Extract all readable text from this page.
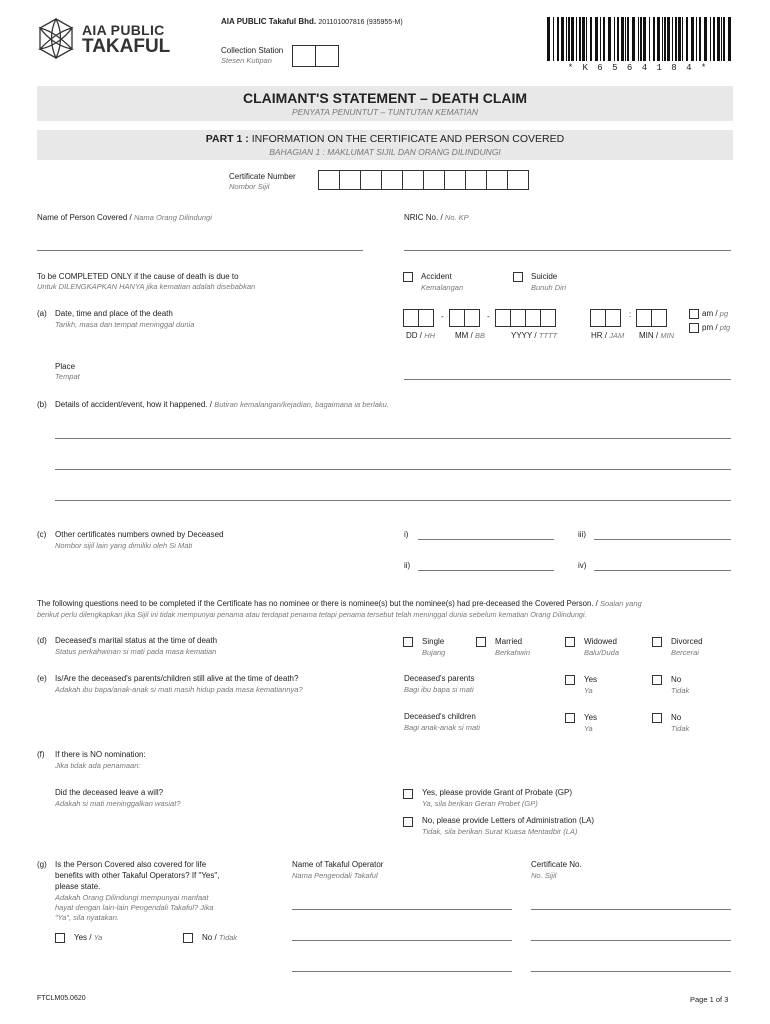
AIA PUBLIC
TAKAFUL
AIA PUBLIC Takaful Bhd. 201101007816 (935955-M)
Collection Station
Stesen Kutipan
* K 6 5 6 4 1 8 4 *
CLAIMANT'S STATEMENT – DEATH CLAIM
PENYATA PENUNTUT – TUNTUTAN KEMATIAN
PART 1 : INFORMATION ON THE CERTIFICATE AND PERSON COVERED
BAHAGIAN 1 : MAKLUMAT SIJIL DAN ORANG DILINDUNGI
Certificate Number
Nombor Sijil
Name of Person Covered / Nama Orang Dilindungi	NRIC No. / No. KP
To be COMPLETED ONLY if the cause of death is due to
Untuk DILENGKAPKAN HANYA jika kematian adalah disebabkan
Accident
Kemalangan
Suicide
Bunuh Diri
(a) Date, time and place of the death
Tarikh, masa dan tempat meninggal dunia
-	-	:	am / pg
pm / ptg
DD / HH MM / BB	YYYY / TTTT	HR / JAM MIN / MIN
Place
Tempat
(b) Details of accident/event, how it happened. / Butiran kemalangan/kejadian, bagaimana ia berlaku.
(c) Other certificates numbers owned by Deceased
Nombor sijil lain yang dimiliki oleh Si Mati
i)	iii)
ii)	iv)
The following questions need to be completed if the Certificate has no nominee or there is nominee(s) but the nominee(s) had pre-deceased the Covered Person. / Soalan yang
berikut perlu dilengkapkan jika Sijil ini tidak mempunyai penama atau terdapat penama tetapi penama tersebut telah meninggal dunia sebelum kematian Orang Dilindungi.
(d) Deceased's marital status at the time of death
Status perkahwinan si mati pada masa kematian
Single
Bujang
Married
Berkahwin
Widowed
Balu/Duda
Divorced
Bercerai
(e) Is/Are the deceased's parents/children still alive at the time of death?
Adakah ibu bapa/anak-anak si mati masih hidup pada masa kematiannya?
Deceased's parents
Bagi ibu bapa si mati
Yes
Ya
No
Tidak
Deceased's children
Bagi anak-anak si mati
Yes
Ya
No
Tidak
(f) If there is NO nomination:
Jika tidak ada penamaan:
Did the deceased leave a will?
Adakah si mati meninggalkan wasiat?
Yes, please provide Grant of Probate (GP)
Ya, sila berikan Geran Probet (GP)
No, please provide Letters of Administration (LA)
Tidak, sila berikan Surat Kuasa Mentadbir (LA)
(g) Is the Person Covered also covered for life
benefits with other Takaful Operators? If "Yes",
please state.
Adakah Orang Dilindungi mempunyai manfaat
hayat dengan lain-lain Pengendali Takaful? Jika
"Ya", sila nyatakan.
Yes / Ya	No / Tidak
Name of Takaful Operator
Nama Pengendali Takaful
Certificate No.
No. Sijil
FTCLM05.0620	Page 1 of 3
